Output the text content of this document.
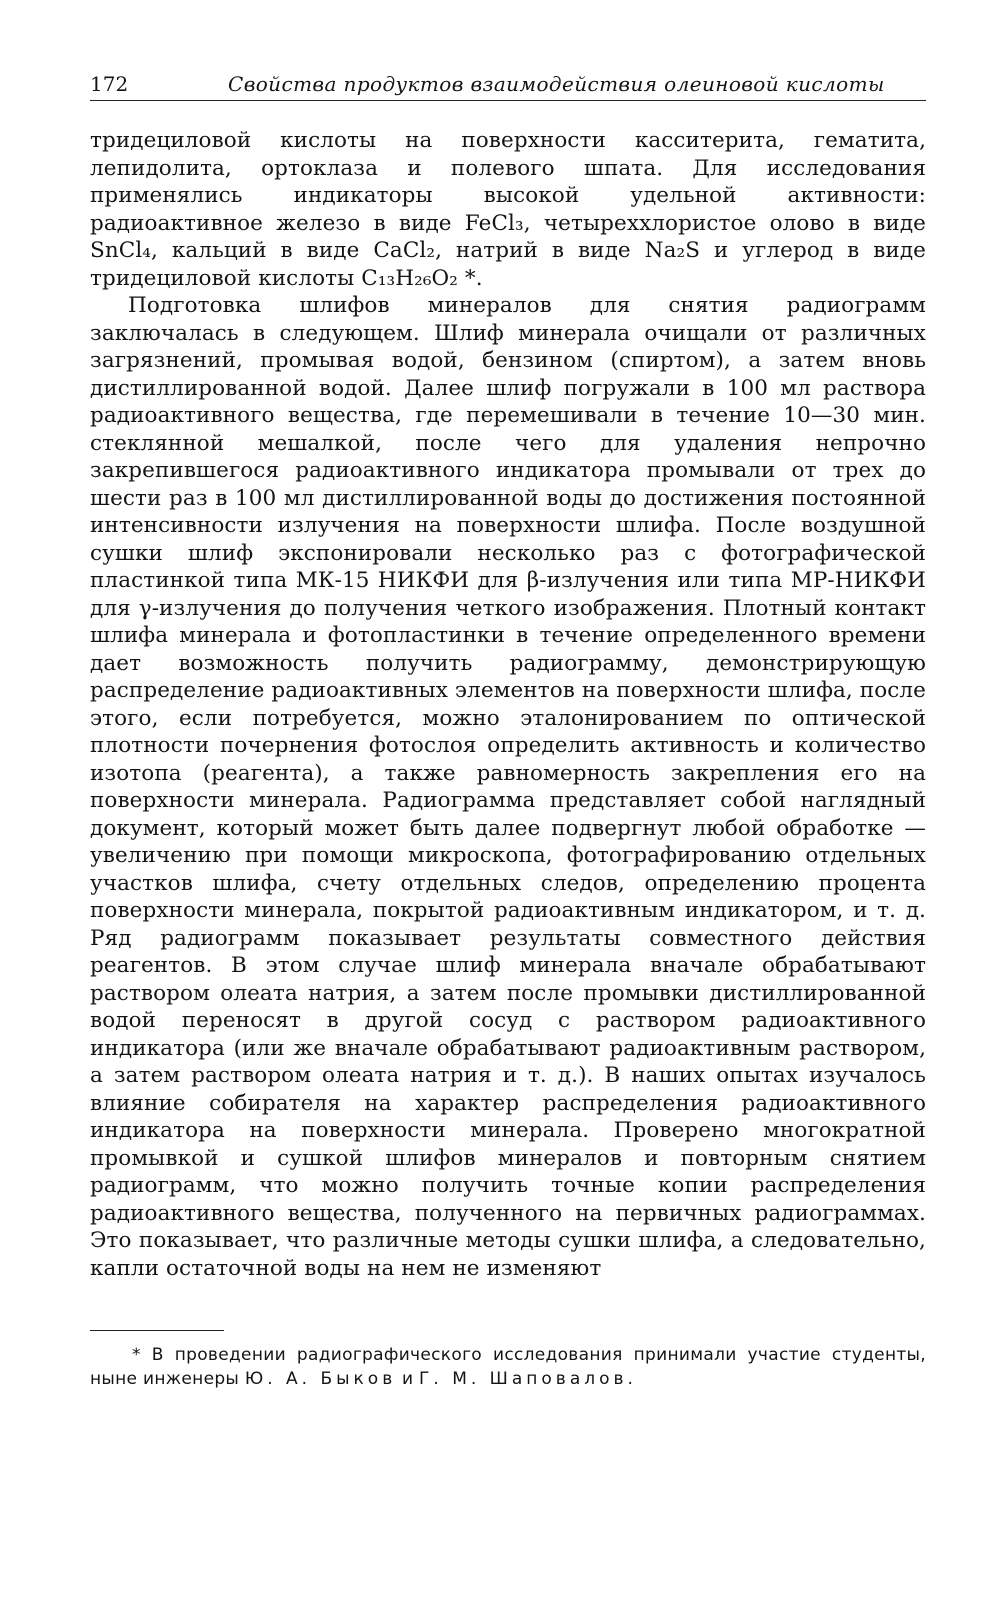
172	Свойства продуктов взаимодействия олеиновой кислоты

тридециловой кислоты на поверхности касситерита, гематита, лепидолита, ортоклаза и полевого шпата. Для исследования применялись индикаторы высокой удельной активности: радиоактивное железо в виде FeCl₃, четыреххлористое олово в виде SnCl₄, кальций в виде CaCl₂, натрий в виде Na₂S и углерод в виде тридециловой кислоты C₁₃H₂₆O₂ *.

Подготовка шлифов минералов для снятия радиограмм заключалась в следующем. Шлиф минерала очищали от различных загрязнений, промывая водой, бензином (спиртом), а затем вновь дистиллированной водой. Далее шлиф погружали в 100 мл раствора радиоактивного вещества, где перемешивали в течение 10—30 мин. стеклянной мешалкой, после чего для удаления непрочно закрепившегося радиоактивного индикатора промывали от трех до шести раз в 100 мл дистиллированной воды до достижения постоянной интенсивности излучения на поверхности шлифа. После воздушной сушки шлиф экспонировали несколько раз с фотографической пластинкой типа МК-15 НИКФИ для β-излучения или типа МР-НИКФИ для γ-излучения до получения четкого изображения. Плотный контакт шлифа минерала и фотопластинки в течение определенного времени дает возможность получить радиограмму, демонстрирующую распределение радиоактивных элементов на поверхности шлифа, после этого, если потребуется, можно эталонированием по оптической плотности почернения фотослоя определить активность и количество изотопа (реагента), а также равномерность закрепления его на поверхности минерала. Радиограмма представляет собой наглядный документ, который может быть далее подвергнут любой обработке — увеличению при помощи микроскопа, фотографированию отдельных участков шлифа, счету отдельных следов, определению процента поверхности минерала, покрытой радиоактивным индикатором, и т. д. Ряд радиограмм показывает результаты совместного действия реагентов. В этом случае шлиф минерала вначале обрабатывают раствором олеата натрия, а затем после промывки дистиллированной водой переносят в другой сосуд с раствором радиоактивного индикатора (или же вначале обрабатывают радиоактивным раствором, а затем раствором олеата натрия и т. д.). В наших опытах изучалось влияние собирателя на характер распределения радиоактивного индикатора на поверхности минерала. Проверено многократной промывкой и сушкой шлифов минералов и повторным снятием радиограмм, что можно получить точные копии распределения радиоактивного вещества, полученного на первичных радиограммах. Это показывает, что различные методы сушки шлифа, а следовательно, капли остаточной воды на нем не изменяют

* В проведении радиографического исследования принимали участие студенты, ныне инженеры Ю. А. Быков и Г. М. Шаповалов.
